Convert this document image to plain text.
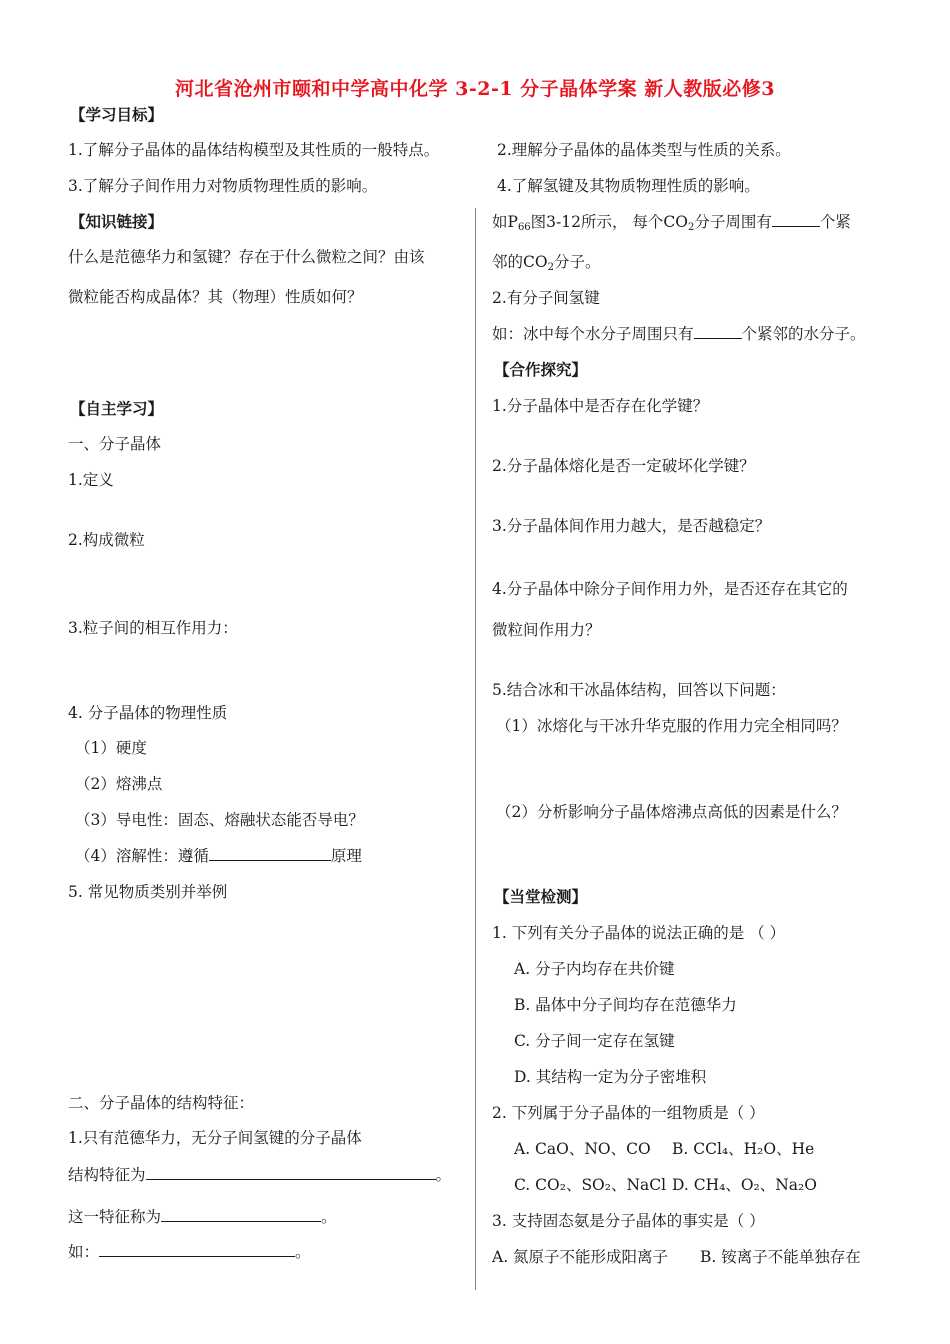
河北省沧州市颐和中学高中化学 3-2-1 分子晶体学案 新人教版必修3
【学习目标】
1.了解分子晶体的晶体结构模型及其性质的一般特点。	2.理解分子晶体的晶体类型与性质的关系。
3.了解分子间作用力对物质物理性质的影响。	4.了解氢键及其物质物理性质的影响。
【知识链接】
什么是范德华力和氢键？存在于什么微粒之间？由该
微粒能否构成晶体？其（物理）性质如何？
【自主学习】
一、分子晶体
1.定义
2.构成微粒
3.粒子间的相互作用力：
4. 分子晶体的物理性质
（1）硬度
（2）熔沸点
（3）导电性：固态、熔融状态能否导电？
（4）溶解性：遵循	原理
5. 常见物质类别并举例
二、分子晶体的结构特征：
1.只有范德华力，无分子间氢键的分子晶体
结构特征为	。
这一特征称为	。
如：	。
如$P_{66}$图3-12所示， 每个$CO_2$分子周围有	个紧
邻的$CO_2$分子。
2.有分子间氢键
如：冰中每个水分子周围只有	个紧邻的水分子。
【合作探究】
1.分子晶体中是否存在化学键？
2.分子晶体熔化是否一定破坏化学键？
3.分子晶体间作用力越大，是否越稳定？
4.分子晶体中除分子间作用力外，是否还存在其它的
微粒间作用力？
5.结合冰和干冰晶体结构，回答以下问题：
（1）冰熔化与干冰升华克服的作用力完全相同吗？
（2）分析影响分子晶体熔沸点高低的因素是什么？
【当堂检测】
1. 下列有关分子晶体的说法正确的是 （ ）
A. 分子内均存在共价键
B. 晶体中分子间均存在范德华力
C. 分子间一定存在氢键
D. 其结构一定为分子密堆积
2. 下列属于分子晶体的一组物质是（ ）
A. CaO、NO、CO B. CCl₄、H₂O、He
C. CO₂、SO₂、NaCl D. CH₄、O₂、Na₂O
3. 支持固态氨是分子晶体的事实是（ ）
A. 氮原子不能形成阳离子 B. 铵离子不能单独存在
